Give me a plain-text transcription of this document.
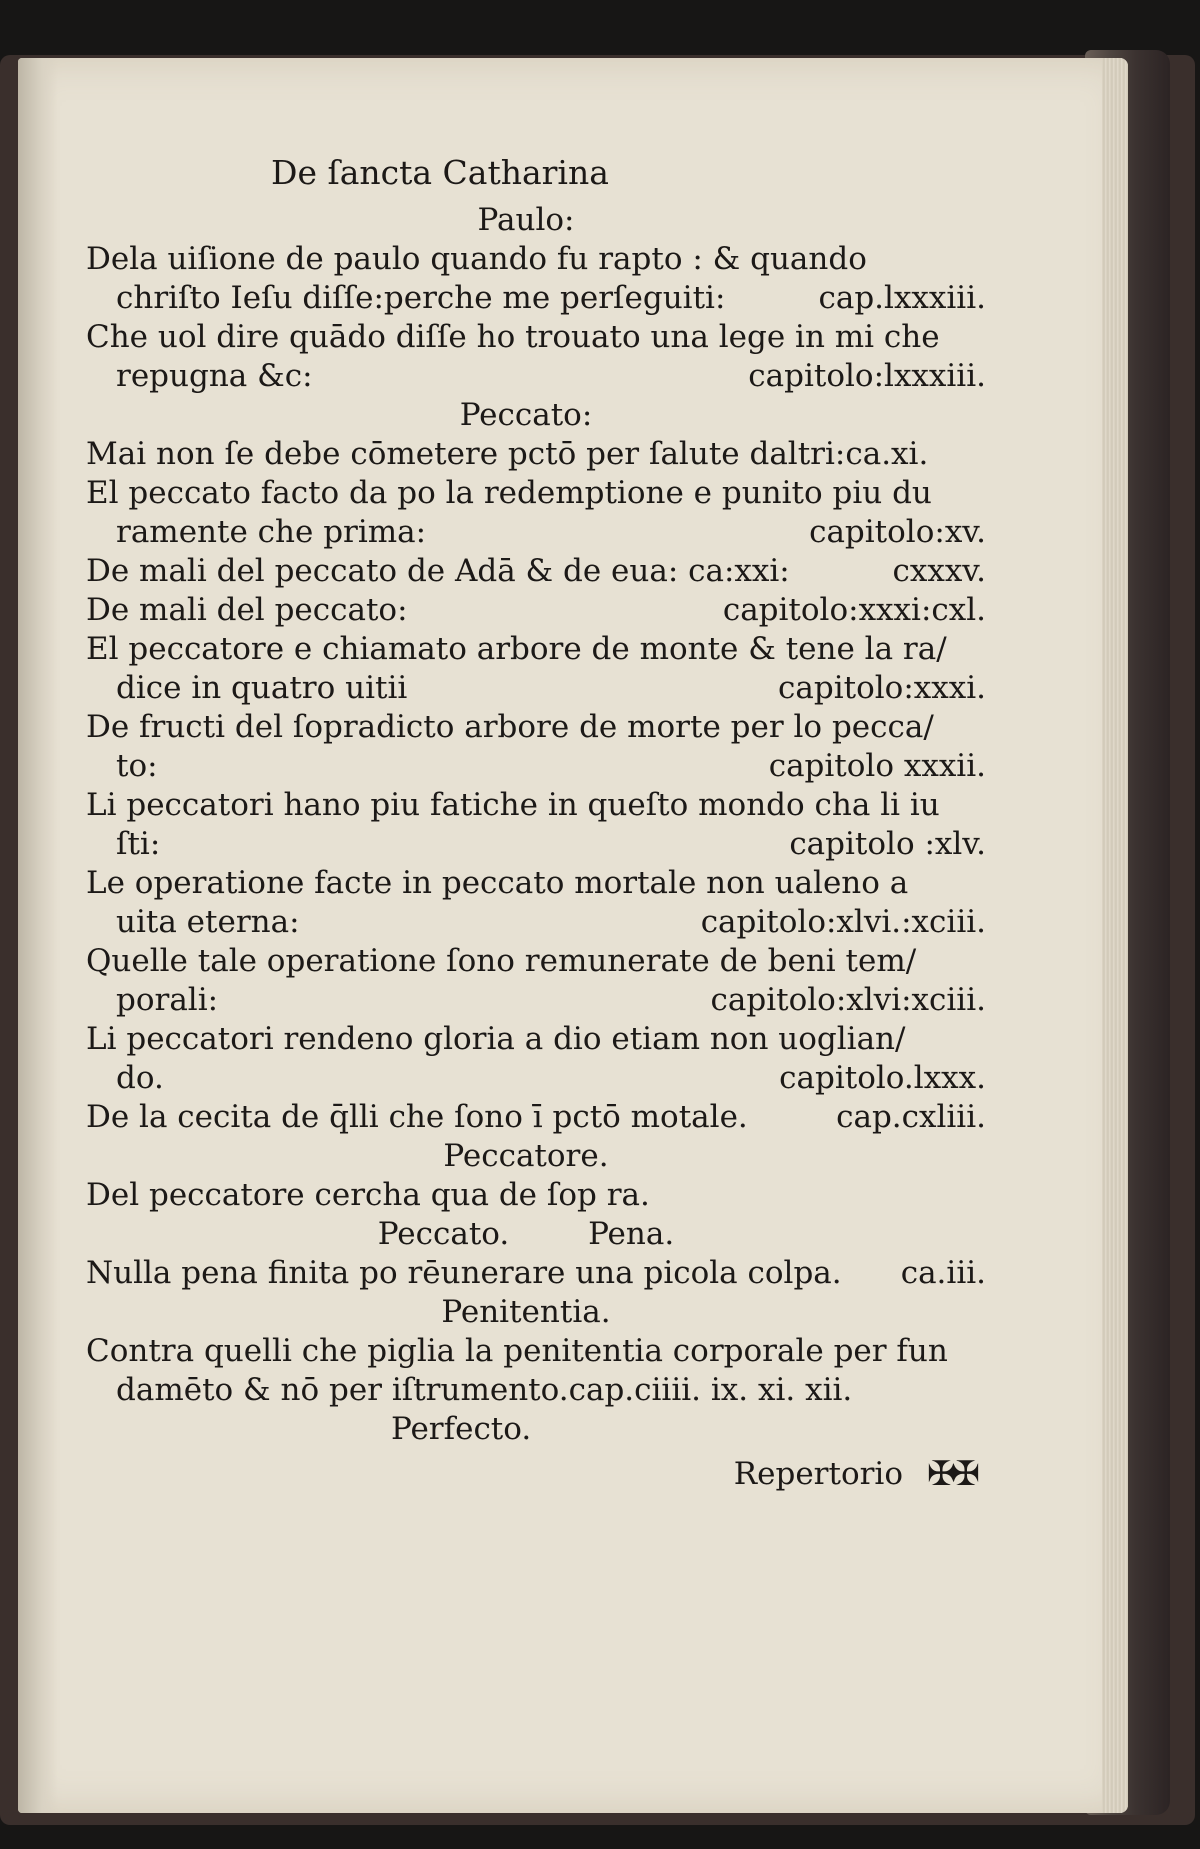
De ſancta Catharina
Paulo:
Dela uiſione de paulo quando fu rapto : & quando
chriſto Ieſu diſſe:perche me perſeguiti:	cap.lxxxiii.
Che uol dire quādo diſſe ho trouato una lege in mi che
repugna &c:	capitolo:lxxxiii.
Peccato:
Mai non ſe debe cōmetere pctō per ſalute daltri:ca.xi.
El peccato facto da po la redemptione e punito piu du
ramente che prima:	capitolo:xv.
De mali del peccato de Adā & de eua: ca:xxi:	cxxxv.
De mali del peccato:	capitolo:xxxi:cxl.
El peccatore e chiamato arbore de monte & tene la ra/
dice in quatro uitii	capitolo:xxxi.
De fructi del ſopradicto arbore de morte per lo pecca/
to:	capitolo xxxii.
Li peccatori hano piu fatiche in queſto mondo cha li iu
ſti:	capitolo :xlv.
Le operatione facte in peccato mortale non ualeno a
uita eterna:	capitolo:xlvi.:xciii.
Quelle tale operatione ſono remunerate de beni tem/
porali:	capitolo:xlvi:xciii.
Li peccatori rendeno gloria a dio etiam non uoglian/
do.	capitolo.lxxx.
De la cecita de q̄lli che ſono ī pctō motale.	cap.cxliii.
Peccatore.
Del peccatore cercha qua de ſop ra.
Peccato.        Pena.
Nulla pena finita po rēunerare una picola colpa.	ca.iii.
Penitentia.
Contra quelli che piglia la penitentia corporale per fun
damēto & nō per iſtrumento.cap.ciiii. ix. xi. xii.
Perfecto.
Repertorio ✠✠
